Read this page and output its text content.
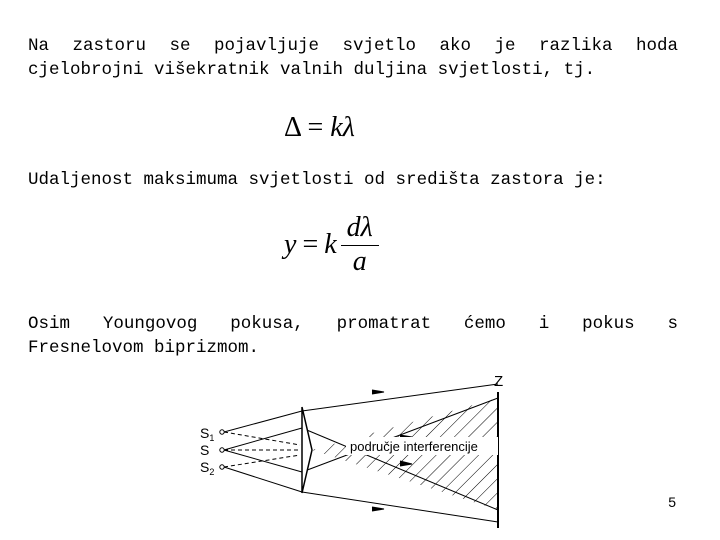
Na zastoru se pojavljuje svjetlo ako je razlika hoda
cjelobrojni višekratnik valnih duljina svjetlosti, tj.
Δ = kλ
Udaljenost maksimuma svjetlosti od središta zastora je:
y = k $\frac{d\lambda}{a}$
Osim Youngovog pokusa, promatrat ćemo i pokus s
Fresnelovom biprizmom.
Z
$S_1$
S
$S_2$
područje interferencije
5
